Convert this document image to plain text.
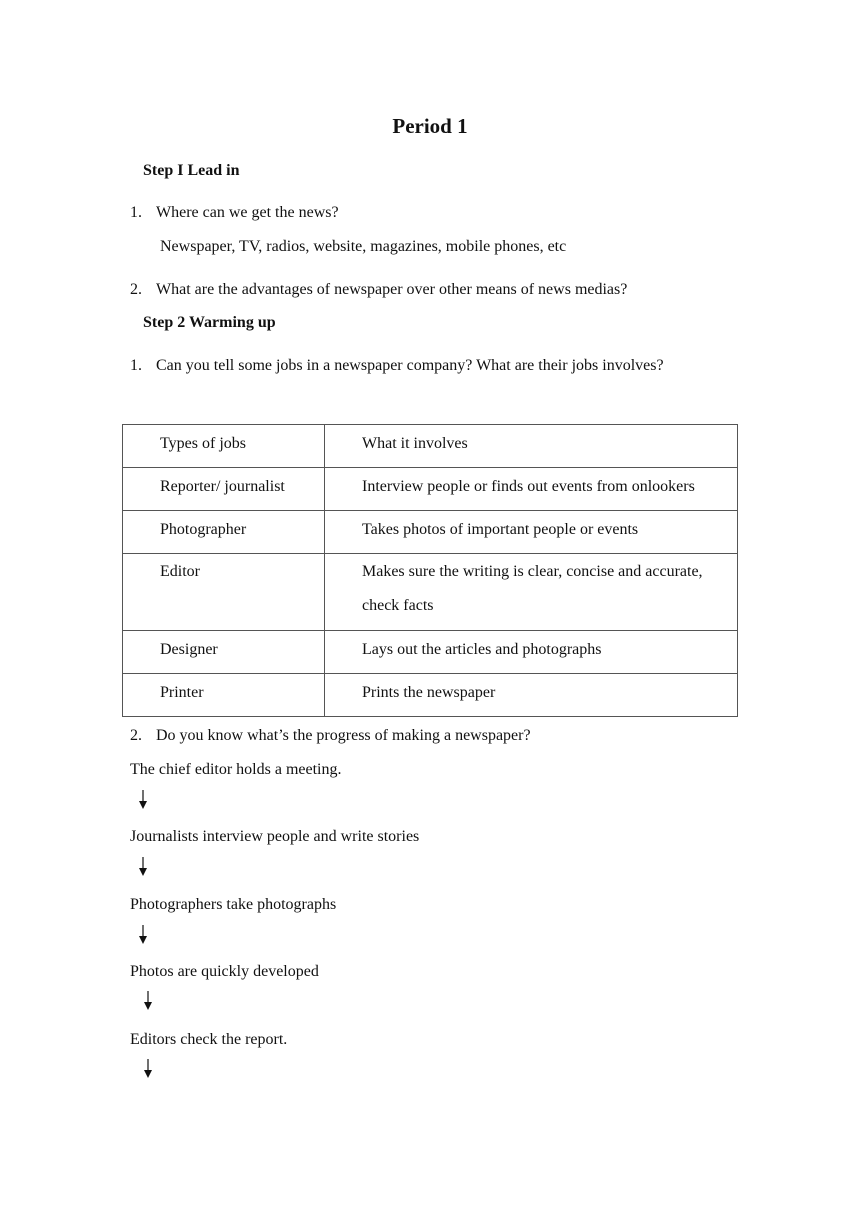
Period 1
Step I Lead in
1. Where can we get the news?
Newspaper, TV, radios, website, magazines, mobile phones, etc
2. What are the advantages of newspaper over other means of news medias?
Step 2 Warming up
1. Can you tell some jobs in a newspaper company? What are their jobs involves?
Types of jobs	What it involves
Reporter/ journalist	Interview people or finds out events from onlookers
Photographer	Takes photos of important people or events
Editor	Makes sure the writing is clear, concise and accurate, check facts
Designer	Lays out the articles and photographs
Printer	Prints the newspaper
2. Do you know what’s the progress of making a newspaper?
The chief editor holds a meeting.
Journalists interview people and write stories
Photographers take photographs
Photos are quickly developed
Editors check the report.
